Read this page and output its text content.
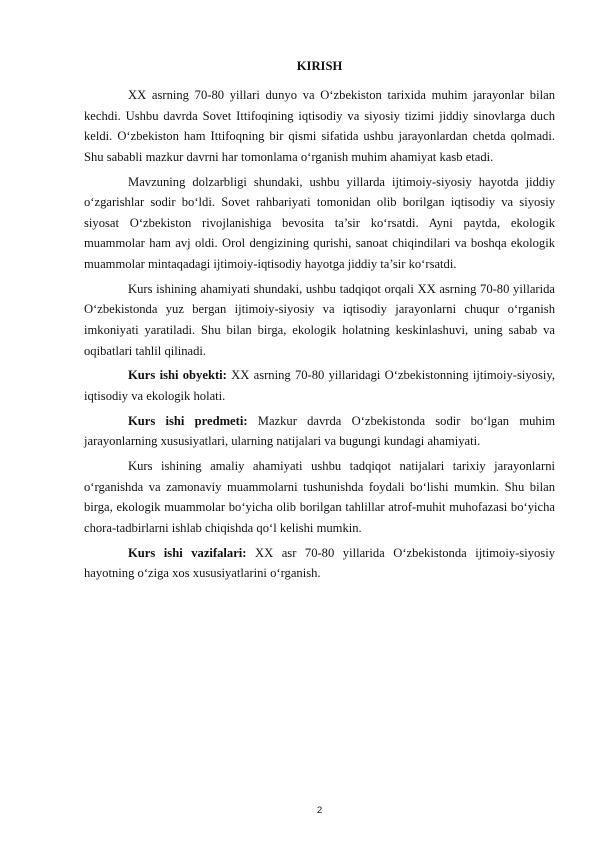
KIRISH

XX asrning 70-80 yillari dunyo va O‘zbekiston tarixida muhim jarayonlar bilan kechdi. Ushbu davrda Sovet Ittifoqining iqtisodiy va siyosiy tizimi jiddiy sinovlarga duch keldi. O‘zbekiston ham Ittifoqning bir qismi sifatida ushbu jarayonlardan chetda qolmadi. Shu sababli mazkur davrni har tomonlama o‘rganish muhim ahamiyat kasb etadi.

Mavzuning dolzarbligi shundaki, ushbu yillarda ijtimoiy-siyosiy hayotda jiddiy o‘zgarishlar sodir bo‘ldi. Sovet rahbariyati tomonidan olib borilgan iqtisodiy va siyosiy siyosat O‘zbekiston rivojlanishiga bevosita ta’sir ko‘rsatdi. Ayni paytda, ekologik muammolar ham avj oldi. Orol dengizining qurishi, sanoat chiqindilari va boshqa ekologik muammolar mintaqadagi ijtimoiy-iqtisodiy hayotga jiddiy ta’sir ko‘rsatdi.

Kurs ishining ahamiyati shundaki, ushbu tadqiqot orqali XX asrning 70-80 yillarida O‘zbekistonda yuz bergan ijtimoiy-siyosiy va iqtisodiy jarayonlarni chuqur o‘rganish imkoniyati yaratiladi. Shu bilan birga, ekologik holatning keskinlashuvi, uning sabab va oqibatlari tahlil qilinadi.

Kurs ishi obyekti: XX asrning 70-80 yillaridagi O‘zbekistonning ijtimoiy-siyosiy, iqtisodiy va ekologik holati.

Kurs ishi predmeti: Mazkur davrda O‘zbekistonda sodir bo‘lgan muhim jarayonlarning xususiyatlari, ularning natijalari va bugungi kundagi ahamiyati.

Kurs ishining amaliy ahamiyati ushbu tadqiqot natijalari tarixiy jarayonlarni o‘rganishda va zamonaviy muammolarni tushunishda foydali bo‘lishi mumkin. Shu bilan birga, ekologik muammolar bo‘yicha olib borilgan tahlillar atrof-muhit muhofazasi bo‘yicha chora-tadbirlarni ishlab chiqishda qo‘l kelishi mumkin.

Kurs ishi vazifalari: XX asr 70-80 yillarida O‘zbekistonda ijtimoiy-siyosiy hayotning o‘ziga xos xususiyatlarini o‘rganish.

2
